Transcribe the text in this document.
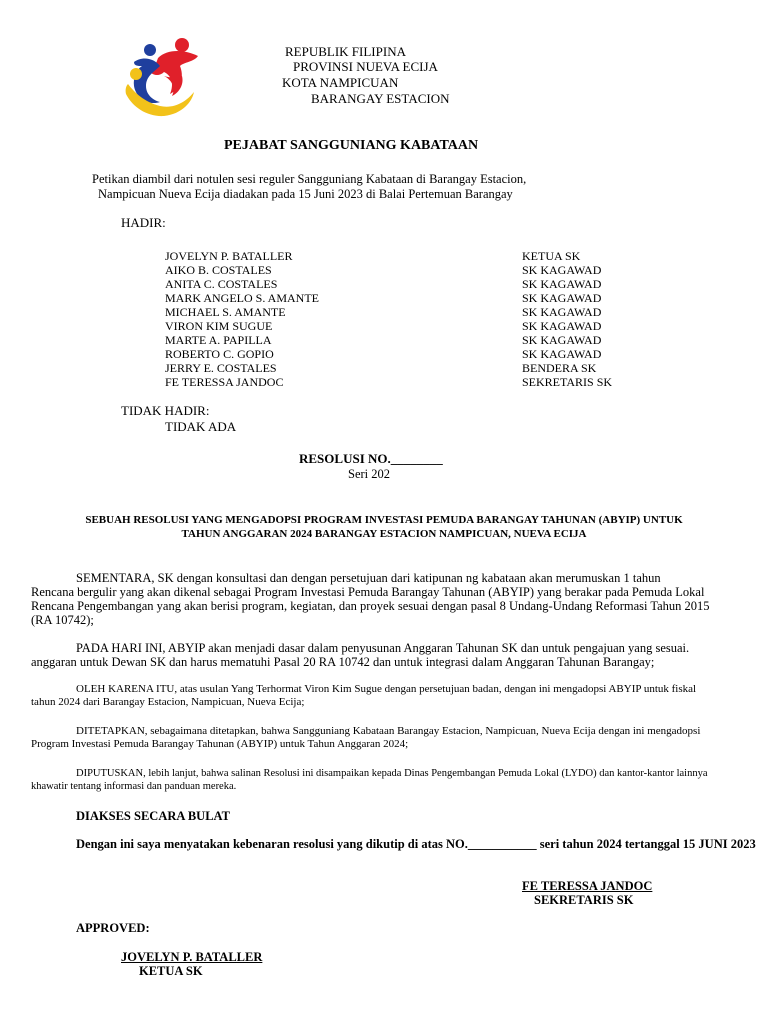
REPUBLIK FILIPINA
PROVINSI NUEVA ECIJA
KOTA NAMPICUAN
BARANGAY ESTACION
PEJABAT SANGGUNIANG KABATAAN
Petikan diambil dari notulen sesi reguler Sangguniang Kabataan di Barangay Estacion,
Nampicuan Nueva Ecija diadakan pada 15 Juni 2023 di Balai Pertemuan Barangay
HADIR:
JOVELYN P. BATALLER	KETUA SK
AIKO B. COSTALES	SK KAGAWAD
ANITA C. COSTALES	SK KAGAWAD
MARK ANGELO S. AMANTE	SK KAGAWAD
MICHAEL S. AMANTE	SK KAGAWAD
VIRON KIM SUGUE	SK KAGAWAD
MARTE A. PAPILLA	SK KAGAWAD
ROBERTO C. GOPIO	SK KAGAWAD
JERRY E. COSTALES	BENDERA SK
FE TERESSA JANDOC	SEKRETARIS SK
TIDAK HADIR:
TIDAK ADA
RESOLUSI NO.________
Seri 202
SEBUAH RESOLUSI YANG MENGADOPSI PROGRAM INVESTASI PEMUDA BARANGAY TAHUNAN (ABYIP) UNTUK
TAHUN ANGGARAN 2024 BARANGAY ESTACION NAMPICUAN, NUEVA ECIJA
SEMENTARA, SK dengan konsultasi dan dengan persetujuan dari katipunan ng kabataan akan merumuskan 1 tahun
Rencana bergulir yang akan dikenal sebagai Program Investasi Pemuda Barangay Tahunan (ABYIP) yang berakar pada Pemuda Lokal
Rencana Pengembangan yang akan berisi program, kegiatan, dan proyek sesuai dengan pasal 8 Undang-Undang Reformasi Tahun 2015
(RA 10742);
PADA HARI INI, ABYIP akan menjadi dasar dalam penyusunan Anggaran Tahunan SK dan untuk pengajuan yang sesuai.
anggaran untuk Dewan SK dan harus mematuhi Pasal 20 RA 10742 dan untuk integrasi dalam Anggaran Tahunan Barangay;
OLEH KARENA ITU, atas usulan Yang Terhormat Viron Kim Sugue dengan persetujuan badan, dengan ini mengadopsi ABYIP untuk fiskal
tahun 2024 dari Barangay Estacion, Nampicuan, Nueva Ecija;
DITETAPKAN, sebagaimana ditetapkan, bahwa Sangguniang Kabataan Barangay Estacion, Nampicuan, Nueva Ecija dengan ini mengadopsi
Program Investasi Pemuda Barangay Tahunan (ABYIP) untuk Tahun Anggaran 2024;
DIPUTUSKAN, lebih lanjut, bahwa salinan Resolusi ini disampaikan kepada Dinas Pengembangan Pemuda Lokal (LYDO) dan kantor-kantor lainnya
khawatir tentang informasi dan panduan mereka.
DIAKSES SECARA BULAT
Dengan ini saya menyatakan kebenaran resolusi yang dikutip di atas NO.___________ seri tahun 2024 tertanggal 15 JUNI 2023
FE TERESSA JANDOC
SEKRETARIS SK
APPROVED:
JOVELYN P. BATALLER
KETUA SK
